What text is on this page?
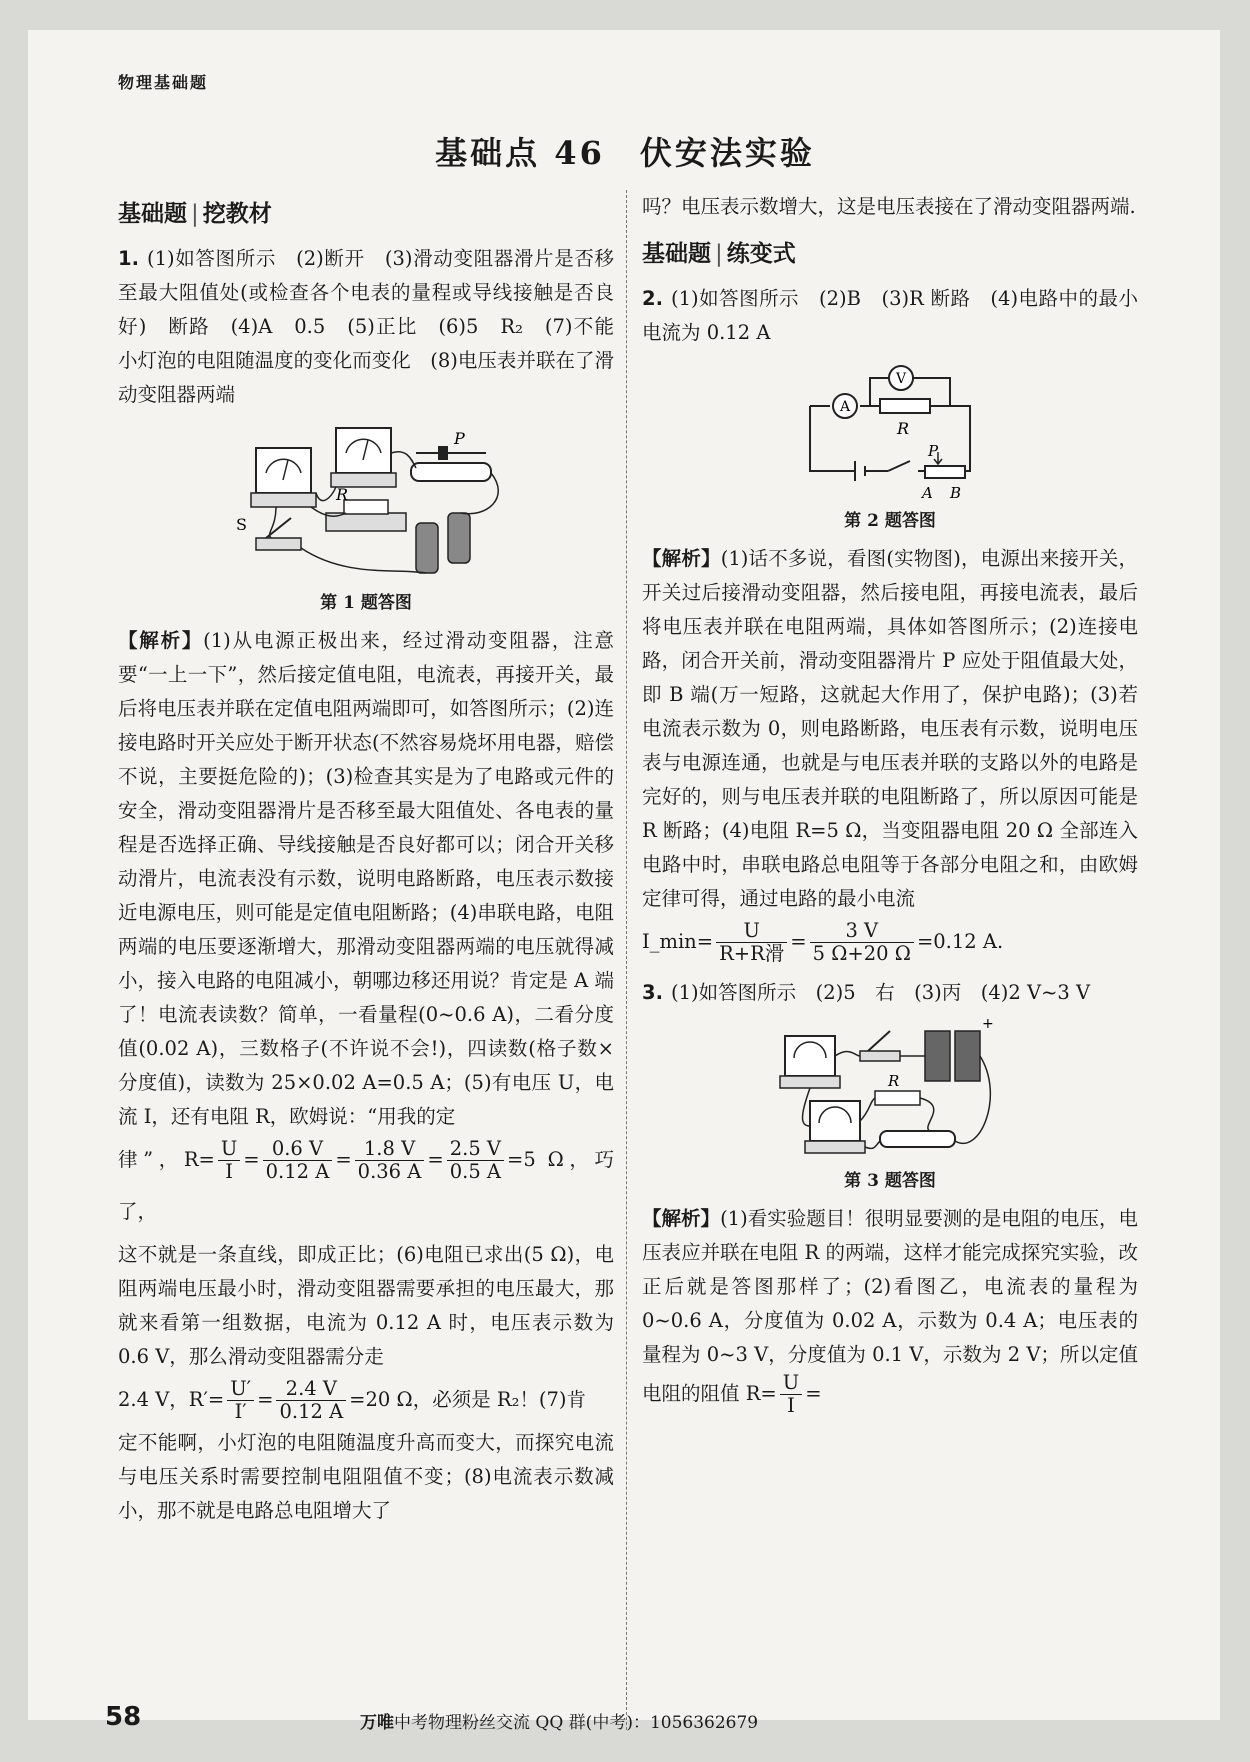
物理基础题
基础点 46　伏安法实验
基础题 | 挖教材

1. (1)如答图所示　(2)断开　(3)滑动变阻器滑片是否移至最大阻值处(或检查各个电表的量程或导线接触是否良好)　断路　(4)A　0.5　(5)正比　(6)5　R₂　(7)不能　小灯泡的电阻随温度的变化而变化　(8)电压表并联在了滑动变阻器两端

R
P
S
第 1 题答图

【解析】(1)从电源正极出来，经过滑动变阻器，注意要“一上一下”，然后接定值电阻，电流表，再接开关，最后将电压表并联在定值电阻两端即可，如答图所示；(2)连接电路时开关应处于断开状态(不然容易烧坏用电器，赔偿不说，主要挺危险的)；(3)检查其实是为了电路或元件的安全，滑动变阻器滑片是否移至最大阻值处、各电表的量程是否选择正确、导线接触是否良好都可以；闭合开关移动滑片，电流表没有示数，说明电路断路，电压表示数接近电源电压，则可能是定值电阻断路；(4)串联电路，电阻两端的电压要逐渐增大，那滑动变阻器两端的电压就得减小，接入电路的电阻减小，朝哪边移还用说？肯定是 A 端了！电流表读数？简单，一看量程(0~0.6 A)，二看分度值(0.02 A)，三数格子(不许说不会!)，四读数(格子数×分度值)，读数为 25×0.02 A=0.5 A；(5)有电压 U，电流 I，还有电阻 R，欧姆说：“用我的定

律”，$R= \frac{U}{I} = \frac{0.6 V}{0.12 A} = \frac{1.8 V}{0.36 A} = \frac{2.5 V}{0.5 A} =5$ Ω，巧了，

这不就是一条直线，即成正比；(6)电阻已求出(5 Ω)，电阻两端电压最小时，滑动变阻器需要承担的电压最大，那就来看第一组数据，电流为 0.12 A 时，电压表示数为 0.6 V，那么滑动变阻器需分走

2.4 V，$R'= \frac{U'}{I'} = \frac{2.4 V}{0.12 A} =20$ Ω，必须是 R₂！(7)肯

定不能啊，小灯泡的电阻随温度升高而变大，而探究电流与电压关系时需要控制电阻阻值不变；(8)电流表示数减小，那不就是电路总电阻增大了

吗？电压表示数增大，这是电压表接在了滑动变阻器两端.

基础题 | 练变式

2. (1)如答图所示　(2)B　(3)R 断路　(4)电路中的最小电流为 0.12 A

A
V
R
P
A B
第 2 题答图

【解析】(1)话不多说，看图(实物图)，电源出来接开关，开关过后接滑动变阻器，然后接电阻，再接电流表，最后将电压表并联在电阻两端，具体如答图所示；(2)连接电路，闭合开关前，滑动变阻器滑片 P 应处于阻值最大处，即 B 端(万一短路，这就起大作用了，保护电路)；(3)若电流表示数为 0，则电路断路，电压表有示数，说明电压表与电源连通，也就是与电压表并联的支路以外的电路是完好的，则与电压表并联的电阻断路了，所以原因可能是 R 断路；(4)电阻 R=5 Ω，当变阻器电阻 20 Ω 全部连入电路中时，串联电路总电阻等于各部分电阻之和，由欧姆定律可得，通过电路的最小电流

I_min= $\frac{U}{\text{R+R滑}} = \frac{3 V}{5 \Omega+20 \Omega} =0.12$ A.

3. (1)如答图所示　(2)5　右　(3)丙　(4)2 V~3 V

+
R
第 3 题答图

【解析】(1)看实验题目！很明显要测的是电阻的电压，电压表应并联在电阻 R 的两端，这样才能完成探究实验，改正后就是答图那样了；(2)看图乙，电流表的量程为 0~0.6 A，分度值为 0.02 A，示数为 0.4 A；电压表的量程为 0~3 V，分度值为 0.1 V，示数为 2 V；所以定值电阻的阻值 $R= \frac{U}{I}$ =

58	万唯中考物理粉丝交流 QQ 群(中考)：1056362679
